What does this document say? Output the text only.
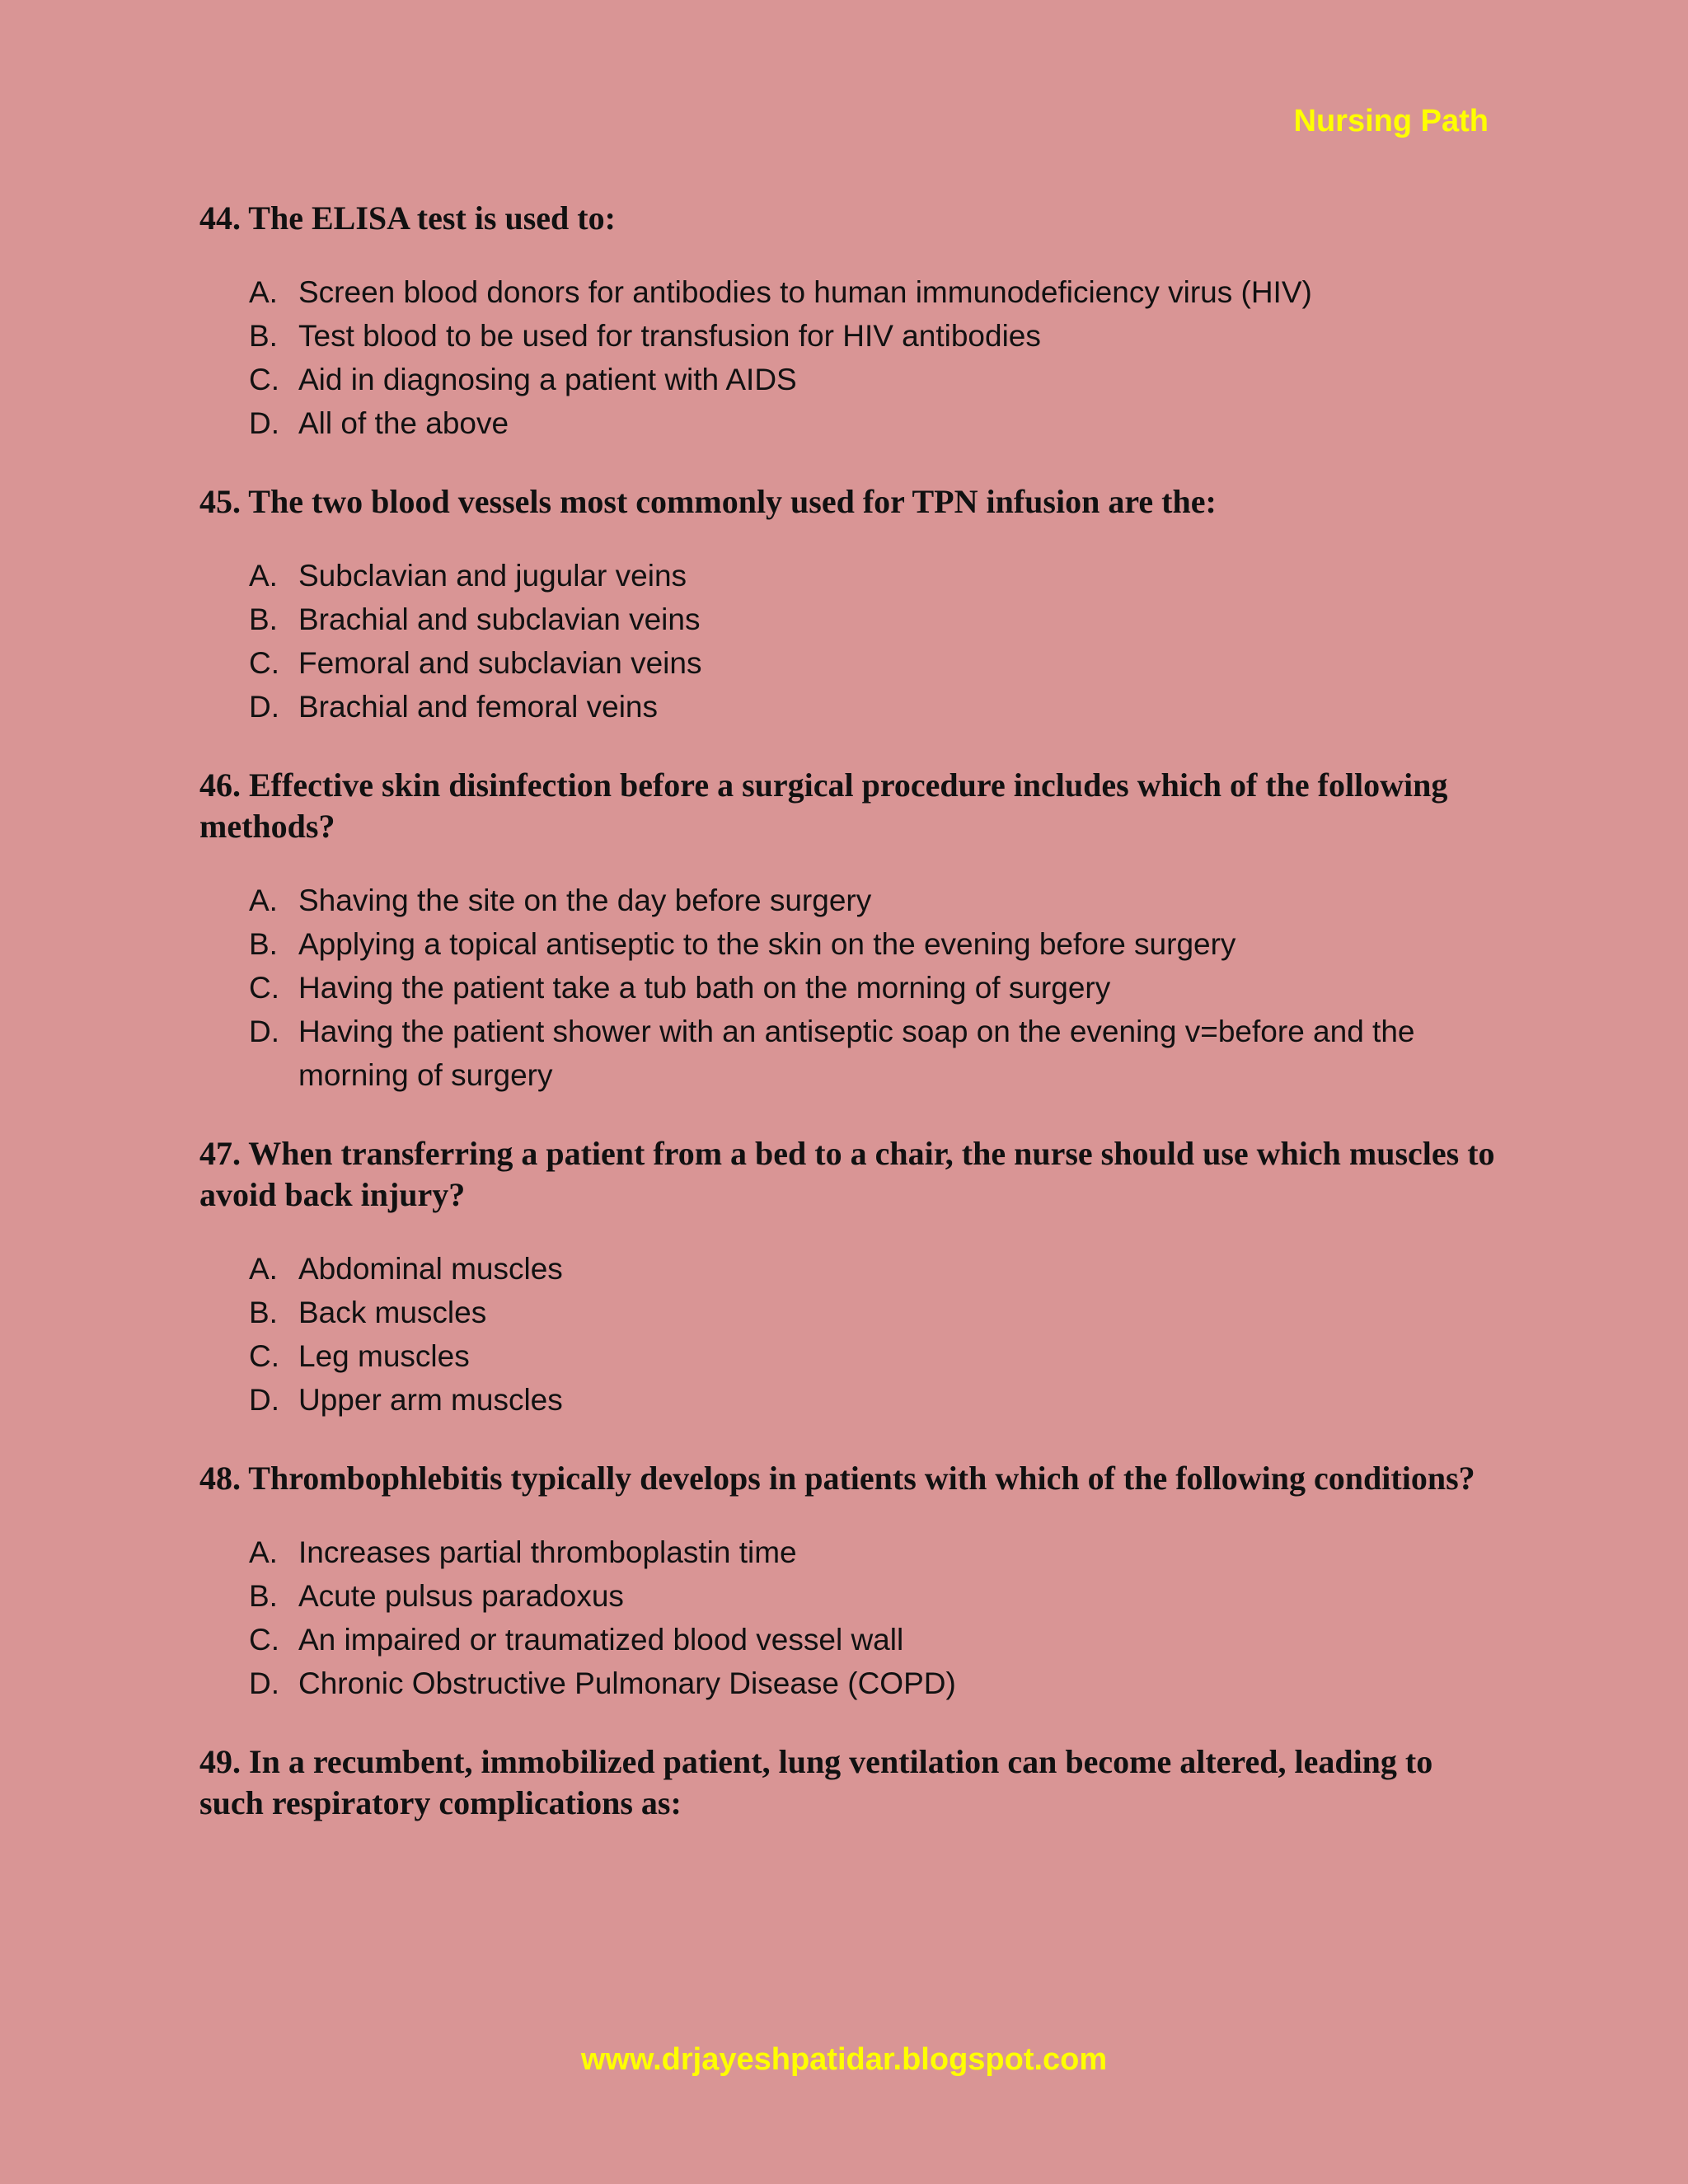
Nursing Path
44. The ELISA test is used to:
A. Screen blood donors for antibodies to human immunodeficiency virus (HIV)
B. Test blood to be used for transfusion for HIV antibodies
C. Aid in diagnosing a patient with AIDS
D. All of the above
45. The two blood vessels most commonly used for TPN infusion are the:
A. Subclavian and jugular veins
B. Brachial and subclavian veins
C. Femoral and subclavian veins
D. Brachial and femoral veins
46. Effective skin disinfection before a surgical procedure includes which of the following methods?
A. Shaving the site on the day before surgery
B. Applying a topical antiseptic to the skin on the evening before surgery
C. Having the patient take a tub bath on the morning of surgery
D. Having the patient shower with an antiseptic soap on the evening v=before and the morning of surgery
47. When transferring a patient from a bed to a chair, the nurse should use which muscles to avoid back injury?
A. Abdominal muscles
B. Back muscles
C. Leg muscles
D. Upper arm muscles
48. Thrombophlebitis typically develops in patients with which of the following conditions?
A. Increases partial thromboplastin time
B. Acute pulsus paradoxus
C. An impaired or traumatized blood vessel wall
D. Chronic Obstructive Pulmonary Disease (COPD)
49. In a recumbent, immobilized patient, lung ventilation can become altered, leading to such respiratory complications as:
www.drjayeshpatidar.blogspot.com
